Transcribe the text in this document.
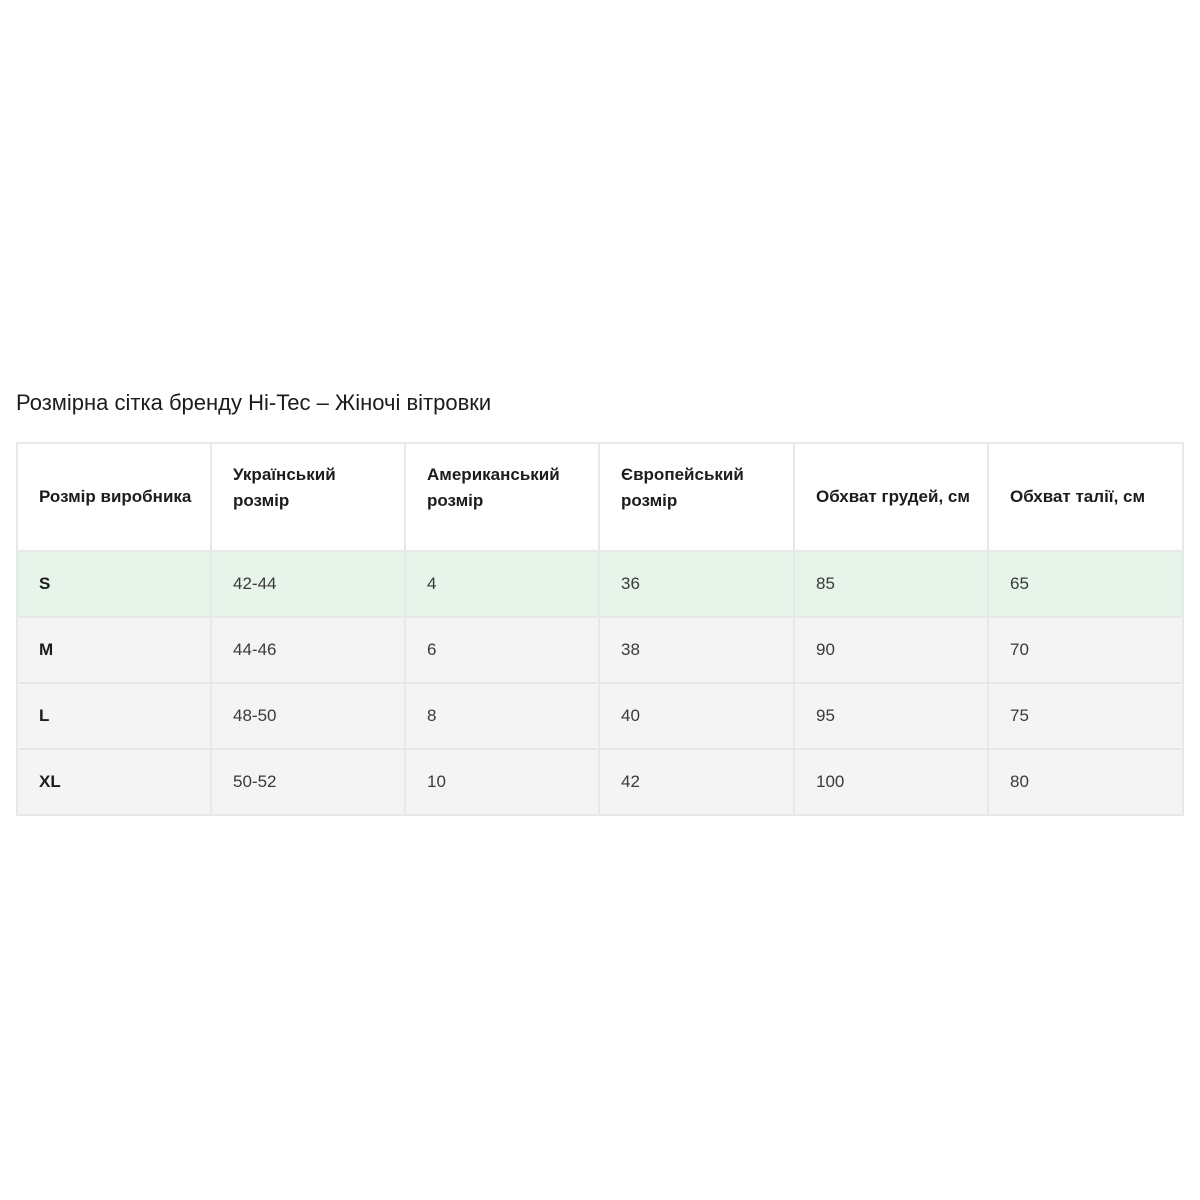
Розмірна сітка бренду Hi-Tec – Жіночі вітровки
Розмір виробника	Український розмір	Американський розмір	Європейський розмір	Обхват грудей, см	Обхват талії, см
S	42-44	4	36	85	65
M	44-46	6	38	90	70
L	48-50	8	40	95	75
XL	50-52	10	42	100	80
